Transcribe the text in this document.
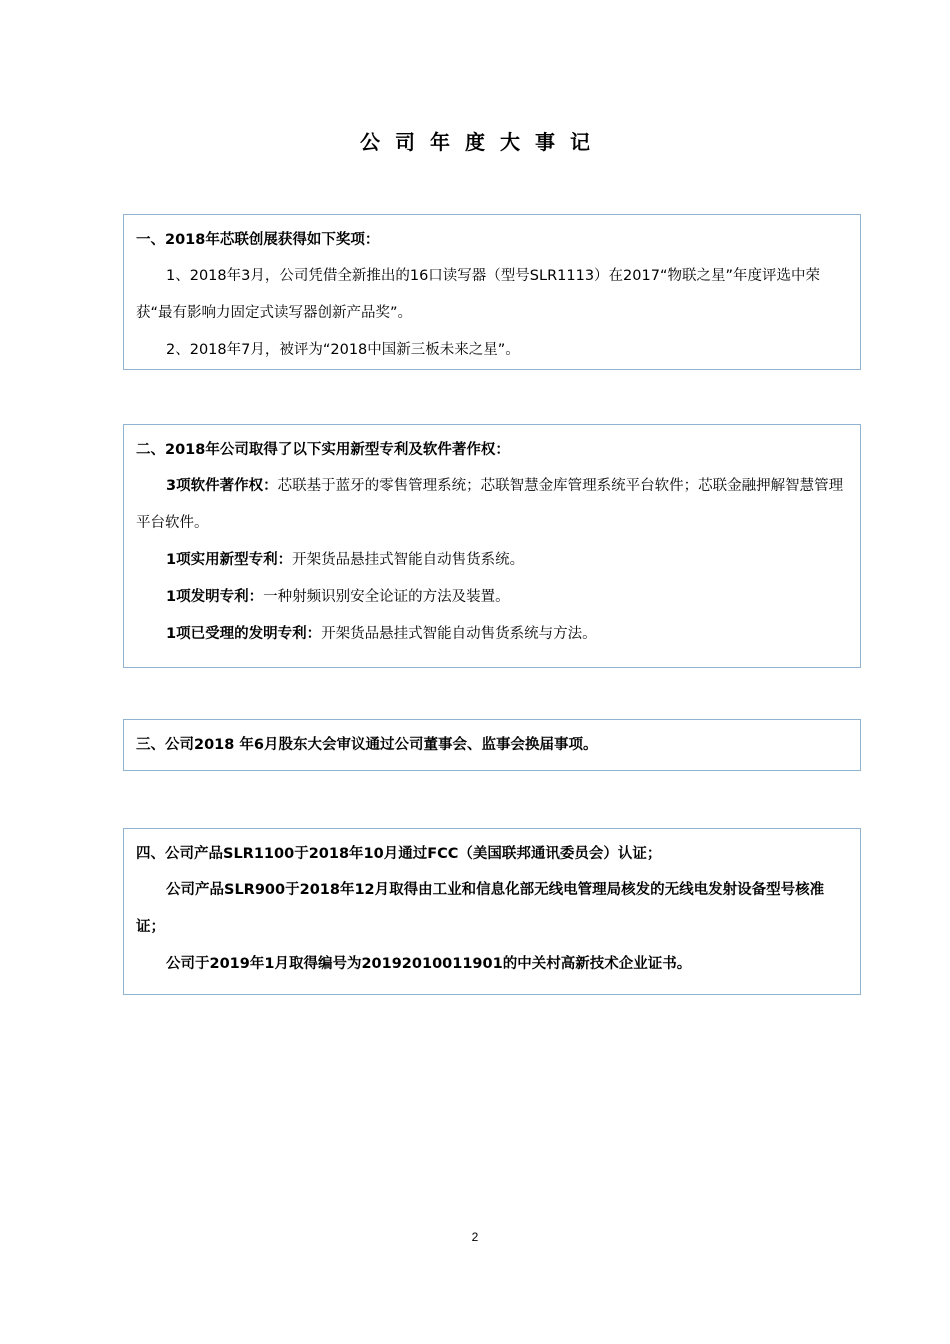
公司年度大事记

一、2018年芯联创展获得如下奖项：

1、2018年3月，公司凭借全新推出的16口读写器（型号SLR1113）在2017“物联之星”年度评选中荣获“最有影响力固定式读写器创新产品奖”。

2、2018年7月，被评为“2018中国新三板未来之星”。

二、2018年公司取得了以下实用新型专利及软件著作权：

3项软件著作权：芯联基于蓝牙的零售管理系统；芯联智慧金库管理系统平台软件；芯联金融押解智慧管理平台软件。

1项实用新型专利：开架货品悬挂式智能自动售货系统。

1项发明专利：一种射频识别安全论证的方法及装置。

1项已受理的发明专利：开架货品悬挂式智能自动售货系统与方法。

三、公司2018 年6月股东大会审议通过公司董事会、监事会换届事项。

四、公司产品SLR1100于2018年10月通过FCC（美国联邦通讯委员会）认证；

公司产品SLR900于2018年12月取得由工业和信息化部无线电管理局核发的无线电发射设备型号核准证；

公司于2019年1月取得编号为20192010011901的中关村高新技术企业证书。

2
